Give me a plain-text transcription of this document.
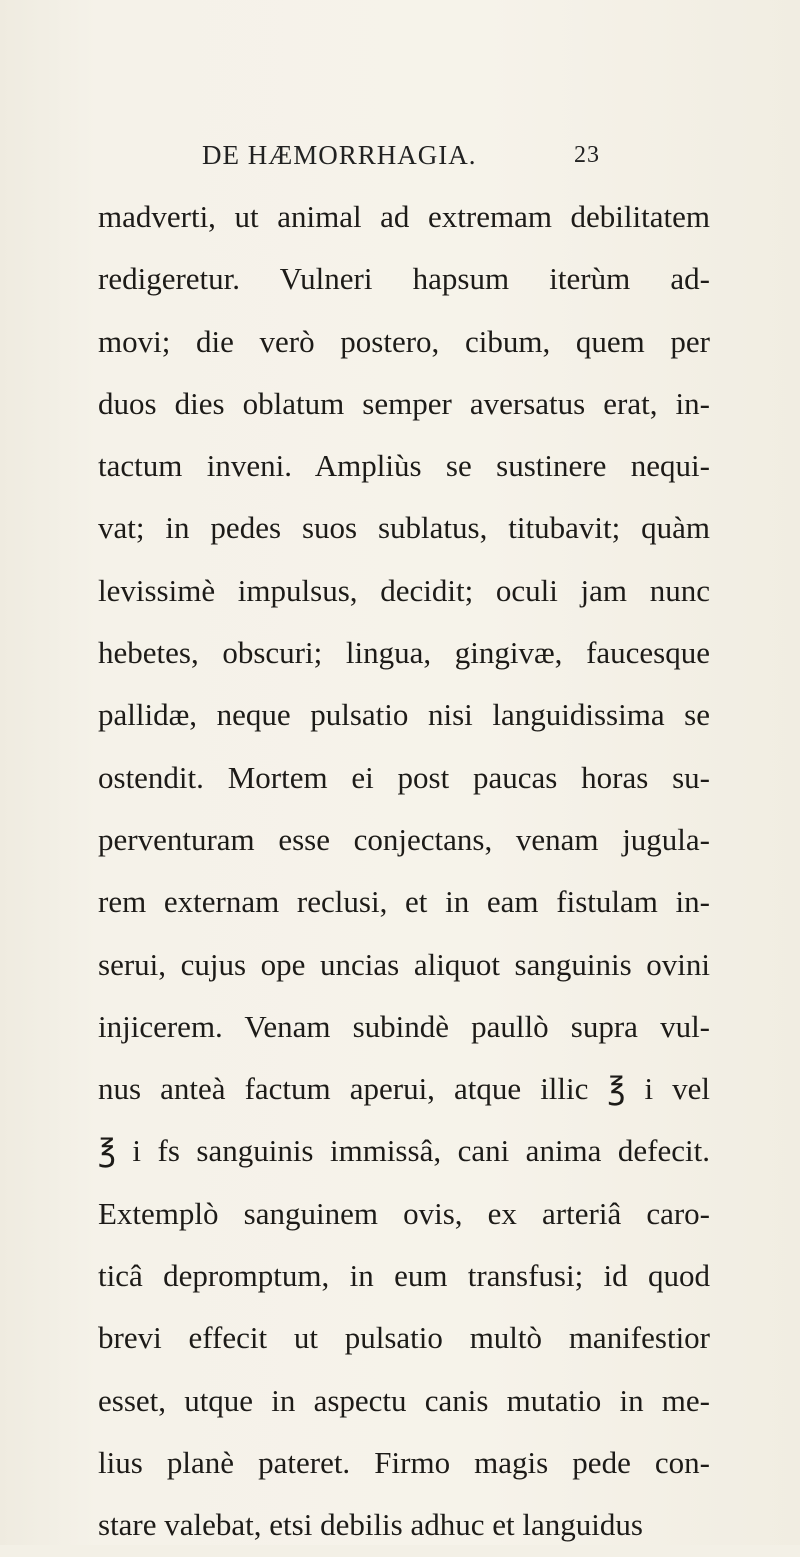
DE HÆMORRHAGIA.	23
madverti, ut animal ad extremam debilitatem
redigeretur. Vulneri hapsum iterùm ad-
movi; die verò postero, cibum, quem per
duos dies oblatum semper aversatus erat, in-
tactum inveni. Ampliùs se sustinere nequi-
vat; in pedes suos sublatus, titubavit; quàm
levissimè impulsus, decidit; oculi jam nunc
hebetes, obscuri; lingua, gingivæ, faucesque
pallidæ, neque pulsatio nisi languidissima se
ostendit. Mortem ei post paucas horas su-
perventuram esse conjectans, venam jugula-
rem externam reclusi, et in eam fistulam in-
serui, cujus ope uncias aliquot sanguinis ovini
injicerem. Venam subindè paullò supra vul-
nus anteà factum aperui, atque illic ℥ i vel
℥ i fs sanguinis immissâ, cani anima defecit.
Extemplò sanguinem ovis, ex arteriâ caro-
ticâ depromptum, in eum transfusi; id quod
brevi effecit ut pulsatio multò manifestior
esset, utque in aspectu canis mutatio in me-
lius planè pateret. Firmo magis pede con-
stare valebat, etsi debilis adhuc et languidus
